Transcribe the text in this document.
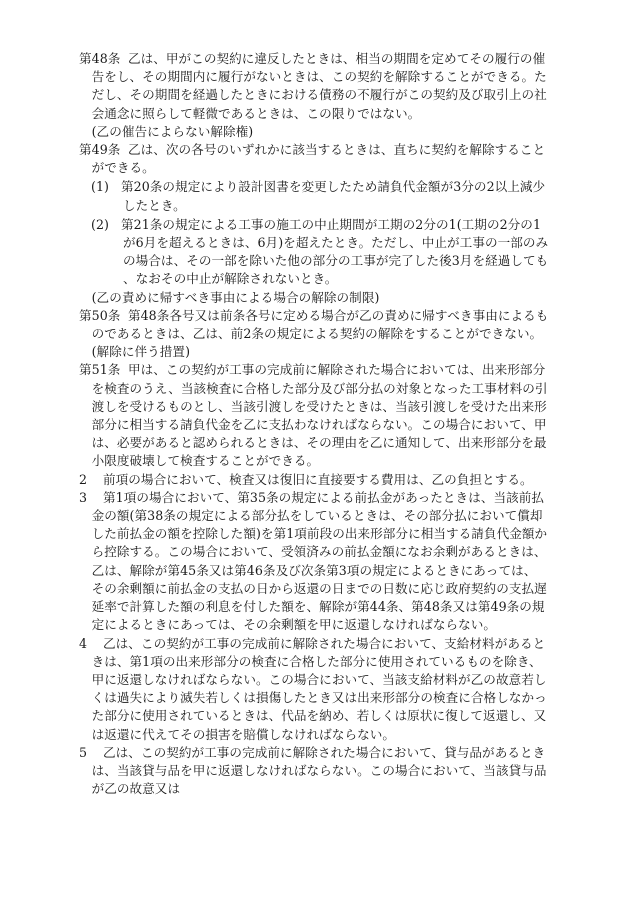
第48条 乙は、甲がこの契約に違反したときは、相当の期間を定めてその履行の催告をし、その期間内に履行がないときは、この契約を解除することができる。ただし、その期間を経過したときにおける債務の不履行がこの契約及び取引上の社会通念に照らして軽微であるときは、この限りではない。

(乙の催告によらない解除権)

第49条 乙は、次の各号のいずれかに該当するときは、直ちに契約を解除することができる。

(1) 第20条の規定により設計図書を変更したため請負代金額が3分の2以上減少したとき。

(2) 第21条の規定による工事の施工の中止期間が工期の2分の1(工期の2分の1が6月を超えるときは、6月)を超えたとき。ただし、中止が工事の一部のみの場合は、その一部を除いた他の部分の工事が完了した後3月を経過しても、なおその中止が解除されないとき。

(乙の責めに帰すべき事由による場合の解除の制限)

第50条 第48条各号又は前条各号に定める場合が乙の責めに帰すべき事由によるものであるときは、乙は、前2条の規定による契約の解除をすることができない。

(解除に伴う措置)

第51条 甲は、この契約が工事の完成前に解除された場合においては、出来形部分を検査のうえ、当該検査に合格した部分及び部分払の対象となった工事材料の引渡しを受けるものとし、当該引渡しを受けたときは、当該引渡しを受けた出来形部分に相当する請負代金を乙に支払わなければならない。この場合において、甲は、必要があると認められるときは、その理由を乙に通知して、出来形部分を最小限度破壊して検査することができる。

2 前項の場合において、検査又は復旧に直接要する費用は、乙の負担とする。

3 第1項の場合において、第35条の規定による前払金があったときは、当該前払金の額(第38条の規定による部分払をしているときは、その部分払において償却した前払金の額を控除した額)を第1項前段の出来形部分に相当する請負代金額から控除する。この場合において、受領済みの前払金額になお余剰があるときは、乙は、解除が第45条又は第46条及び次条第3項の規定によるときにあっては、その余剰額に前払金の支払の日から返還の日までの日数に応じ政府契約の支払遅延率で計算した額の利息を付した額を、解除が第44条、第48条又は第49条の規定によるときにあっては、その余剰額を甲に返還しなければならない。

4 乙は、この契約が工事の完成前に解除された場合において、支給材料があるときは、第1項の出来形部分の検査に合格した部分に使用されているものを除き、甲に返還しなければならない。この場合において、当該支給材料が乙の故意若しくは過失により滅失若しくは損傷したとき又は出来形部分の検査に合格しなかった部分に使用されているときは、代品を納め、若しくは原状に復して返還し、又は返還に代えてその損害を賠償しなければならない。

5 乙は、この契約が工事の完成前に解除された場合において、貸与品があるときは、当該貸与品を甲に返還しなければならない。この場合において、当該貸与品が乙の故意又は
